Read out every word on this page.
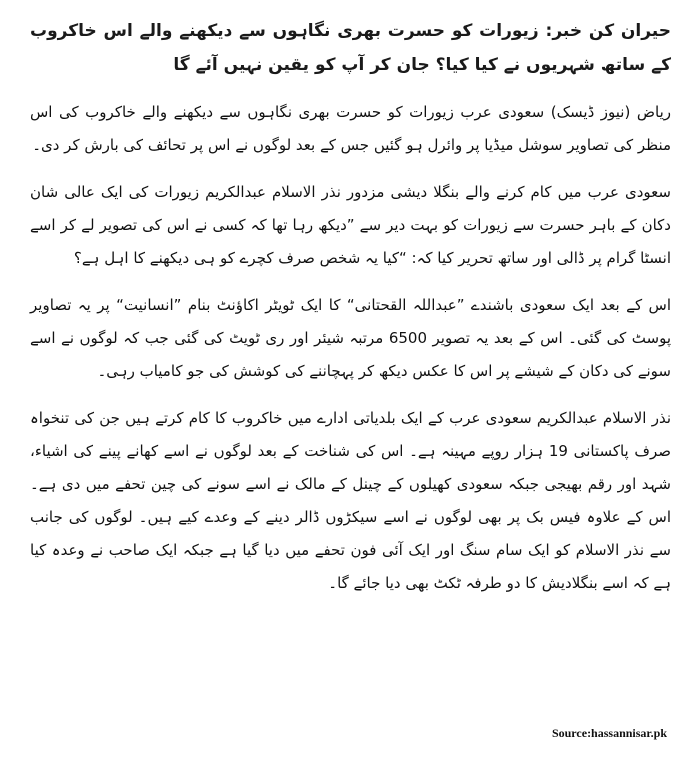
حیران کن خبر: زیورات کو حسرت بھری نگاہوں سے دیکھنے والے اس خاکروب کے ساتھ شہریوں نے کیا کیا؟ جان کر آپ کو یقین نہیں آئے گا

ریاض (نیوز ڈیسک) سعودی عرب زیورات کو حسرت بھری نگاہوں سے دیکھنے والے خاکروب کی اس منظر کی تصاویر سوشل میڈیا پر وائرل ہو گئیں جس کے بعد لوگوں نے اس پر تحائف کی بارش کر دی۔

سعودی عرب میں کام کرنے والے بنگلا دیشی مزدور نذر الاسلام عبدالکریم زیورات کی ایک عالی شان دکان کے باہر حسرت سے زیورات کو بہت دیر سے ”دیکھ رہا تھا کہ کسی نے اس کی تصویر لے کر اسے انسٹا گرام پر ڈالی اور ساتھ تحریر کیا کہ: “کیا یہ شخص صرف کچرے کو ہی دیکھنے کا اہل ہے؟

اس کے بعد ایک سعودی باشندے ”عبداللہ القحتانی“ کا ایک ٹویٹر اکاؤنٹ بنام ”انسانیت“ پر یہ تصاویر پوسٹ کی گئی۔ اس کے بعد یہ تصویر 6500 مرتبہ شیئر اور ری ٹویٹ کی گئی جب کہ لوگوں نے اسے سونے کی دکان کے شیشے پر اس کا عکس دیکھ کر پہچاننے کی کوشش کی جو کامیاب رہی۔

نذر الاسلام عبدالکریم سعودی عرب کے ایک بلدیاتی ادارے میں خاکروب کا کام کرتے ہیں جن کی تنخواہ صرف پاکستانی 19 ہزار روپے مہینہ ہے۔ اس کی شناخت کے بعد لوگوں نے اسے کھانے پینے کی اشیاء، شہد اور رقم بھیجی جبکہ سعودی کھیلوں کے چینل کے مالک نے اسے سونے کی چین تحفے میں دی ہے۔ اس کے علاوہ فیس بک پر بھی لوگوں نے اسے سیکڑوں ڈالر دینے کے وعدے کیے ہیں۔ لوگوں کی جانب سے نذر الاسلام کو ایک سام سنگ اور ایک آئی فون تحفے میں دیا گیا ہے جبکہ ایک صاحب نے وعدہ کیا ہے کہ اسے بنگلادیش کا دو طرفہ ٹکٹ بھی دیا جائے گا۔

Source:hassannisar.pk
